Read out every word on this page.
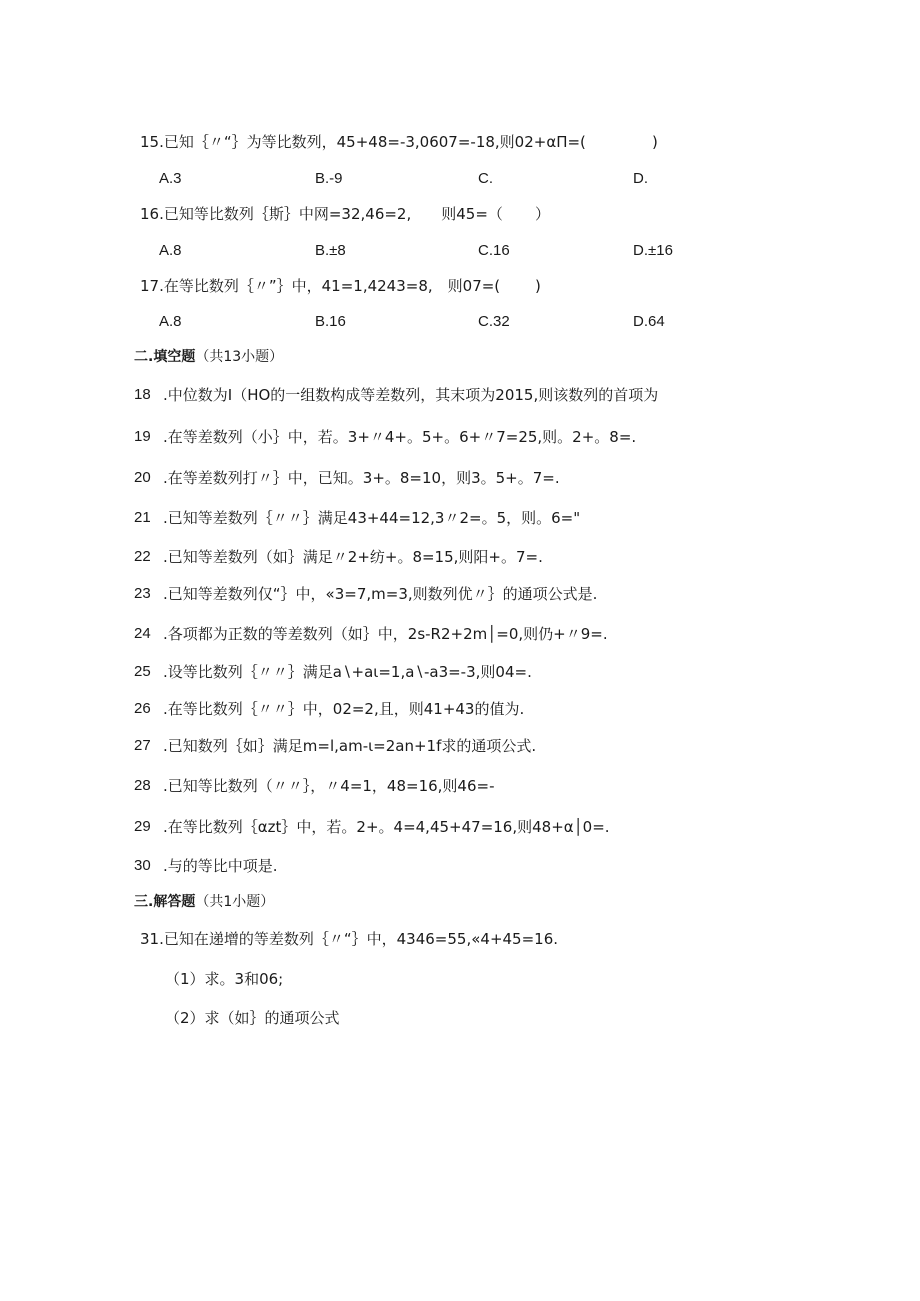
15.已知｛〃“｝为等比数列，45+48=-3,0607=-18,则02+αΠ=(	)
A.3	B.-9	C.	D.
16.已知等比数列｛斯｝中网=32,46=2,　　则45=（ ）
A.8	B.±8	C.16	D.±16
17.在等比数列｛〃”｝中，41=1,4243=8,　则07=( )
A.8	B.16	C.32	D.64
二.填空题（共13小题）
18 .中位数为I（HO的一组数构成等差数列，其末项为2015,则该数列的首项为
19 .在等差数列（小｝中，若。3+〃4+。5+。6+〃7=25,则。2+。8=.
20 .在等差数列打〃｝中，已知。3+。8=10，则3。5+。7=.
21 .已知等差数列｛〃〃｝满足43+44=12,3〃2=。5，则。6="
22 .已知等差数列（如｝满足〃2+纺+。8=15,则阳+。7=.
23 .已知等差数列仅“｝中，«3=7,m=3,则数列优〃｝的通项公式是.
24 .各项都为正数的等差数列（如｝中，2s-R2+2m│=0,则仍+〃9=.
25 .设等比数列｛〃〃｝满足a∖+aι=1,a∖-a3=-3,则04=.
26 .在等比数列｛〃〃｝中，02=2,且，则41+43的值为.
27 .已知数列｛如｝满足m=l,am-ι=2an+1f求的通项公式.
28 .已知等比数列（〃〃｝，〃4=1，48=16,则46=-
29 .在等比数列｛αzt｝中，若。2+。4=4,45+47=16,则48+α│0=.
30 .与的等比中项是.
三.解答题（共1小题）
31.已知在递增的等差数列｛〃“｝中，4346=55,«4+45=16.
（1）求。3和06;
（2）求（如｝的通项公式
